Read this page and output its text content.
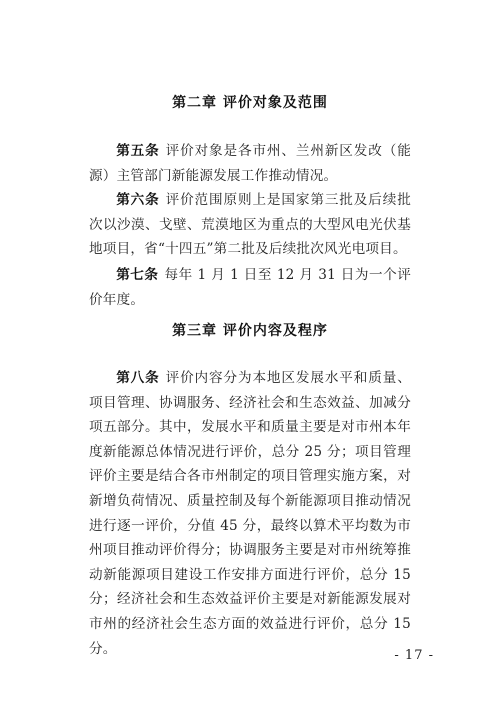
第二章 评价对象及范围
第五条 评价对象是各市州、兰州新区发改（能源）主管部门新能源发展工作推动情况。
第六条 评价范围原则上是国家第三批及后续批次以沙漠、戈壁、荒漠地区为重点的大型风电光伏基地项目，省“十四五”第二批及后续批次风光电项目。
第七条 每年 1 月 1 日至 12 月 31 日为一个评价年度。
第三章 评价内容及程序
第八条 评价内容分为本地区发展水平和质量、项目管理、协调服务、经济社会和生态效益、加减分项五部分。其中，发展水平和质量主要是对市州本年度新能源总体情况进行评价，总分 25 分；项目管理评价主要是结合各市州制定的项目管理实施方案，对新增负荷情况、质量控制及每个新能源项目推动情况进行逐一评价，分值 45 分，最终以算术平均数为市州项目推动评价得分；协调服务主要是对市州统筹推动新能源项目建设工作安排方面进行评价，总分 15 分；经济社会和生态效益评价主要是对新能源发展对市州的经济社会生态方面的效益进行评价，总分 15 分。	- 17 -
